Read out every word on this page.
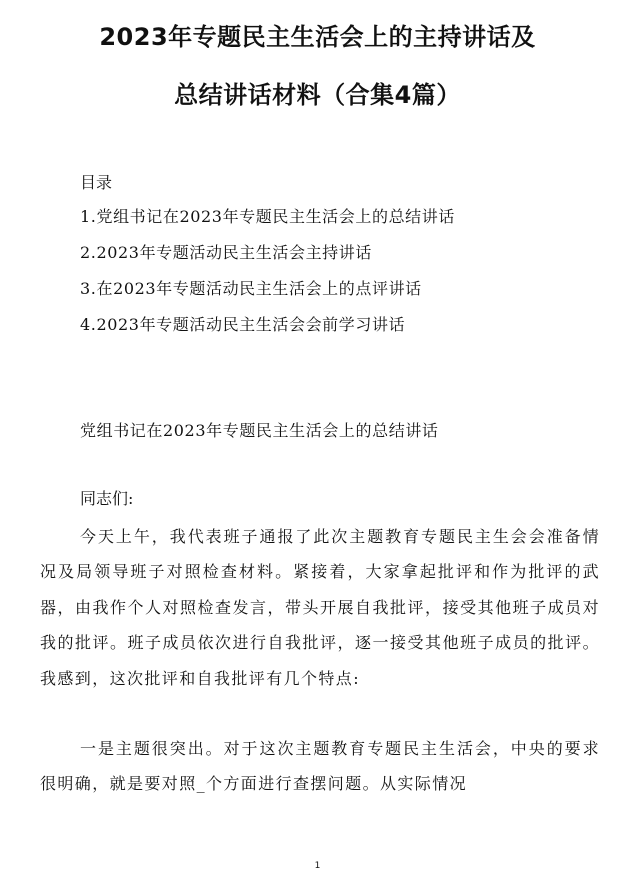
2023年专题民主生活会上的主持讲话及
总结讲话材料（合集4篇）
目录
1.党组书记在2023年专题民主生活会上的总结讲话
2.2023年专题活动民主生活会主持讲话
3.在2023年专题活动民主生活会上的点评讲话
4.2023年专题活动民主生活会会前学习讲话
党组书记在2023年专题民主生活会上的总结讲话
同志们:

今天上午，我代表班子通报了此次主题教育专题民主生会会准备情况及局领导班子对照检查材料。紧接着，大家拿起批评和作为批评的武器，由我作个人对照检查发言，带头开展自我批评，接受其他班子成员对我的批评。班子成员依次进行自我批评，逐一接受其他班子成员的批评。我感到，这次批评和自我批评有几个特点:

一是主题很突出。对于这次主题教育专题民主生活会，中央的要求很明确，就是要对照_个方面进行查摆问题。从实际情况

1
